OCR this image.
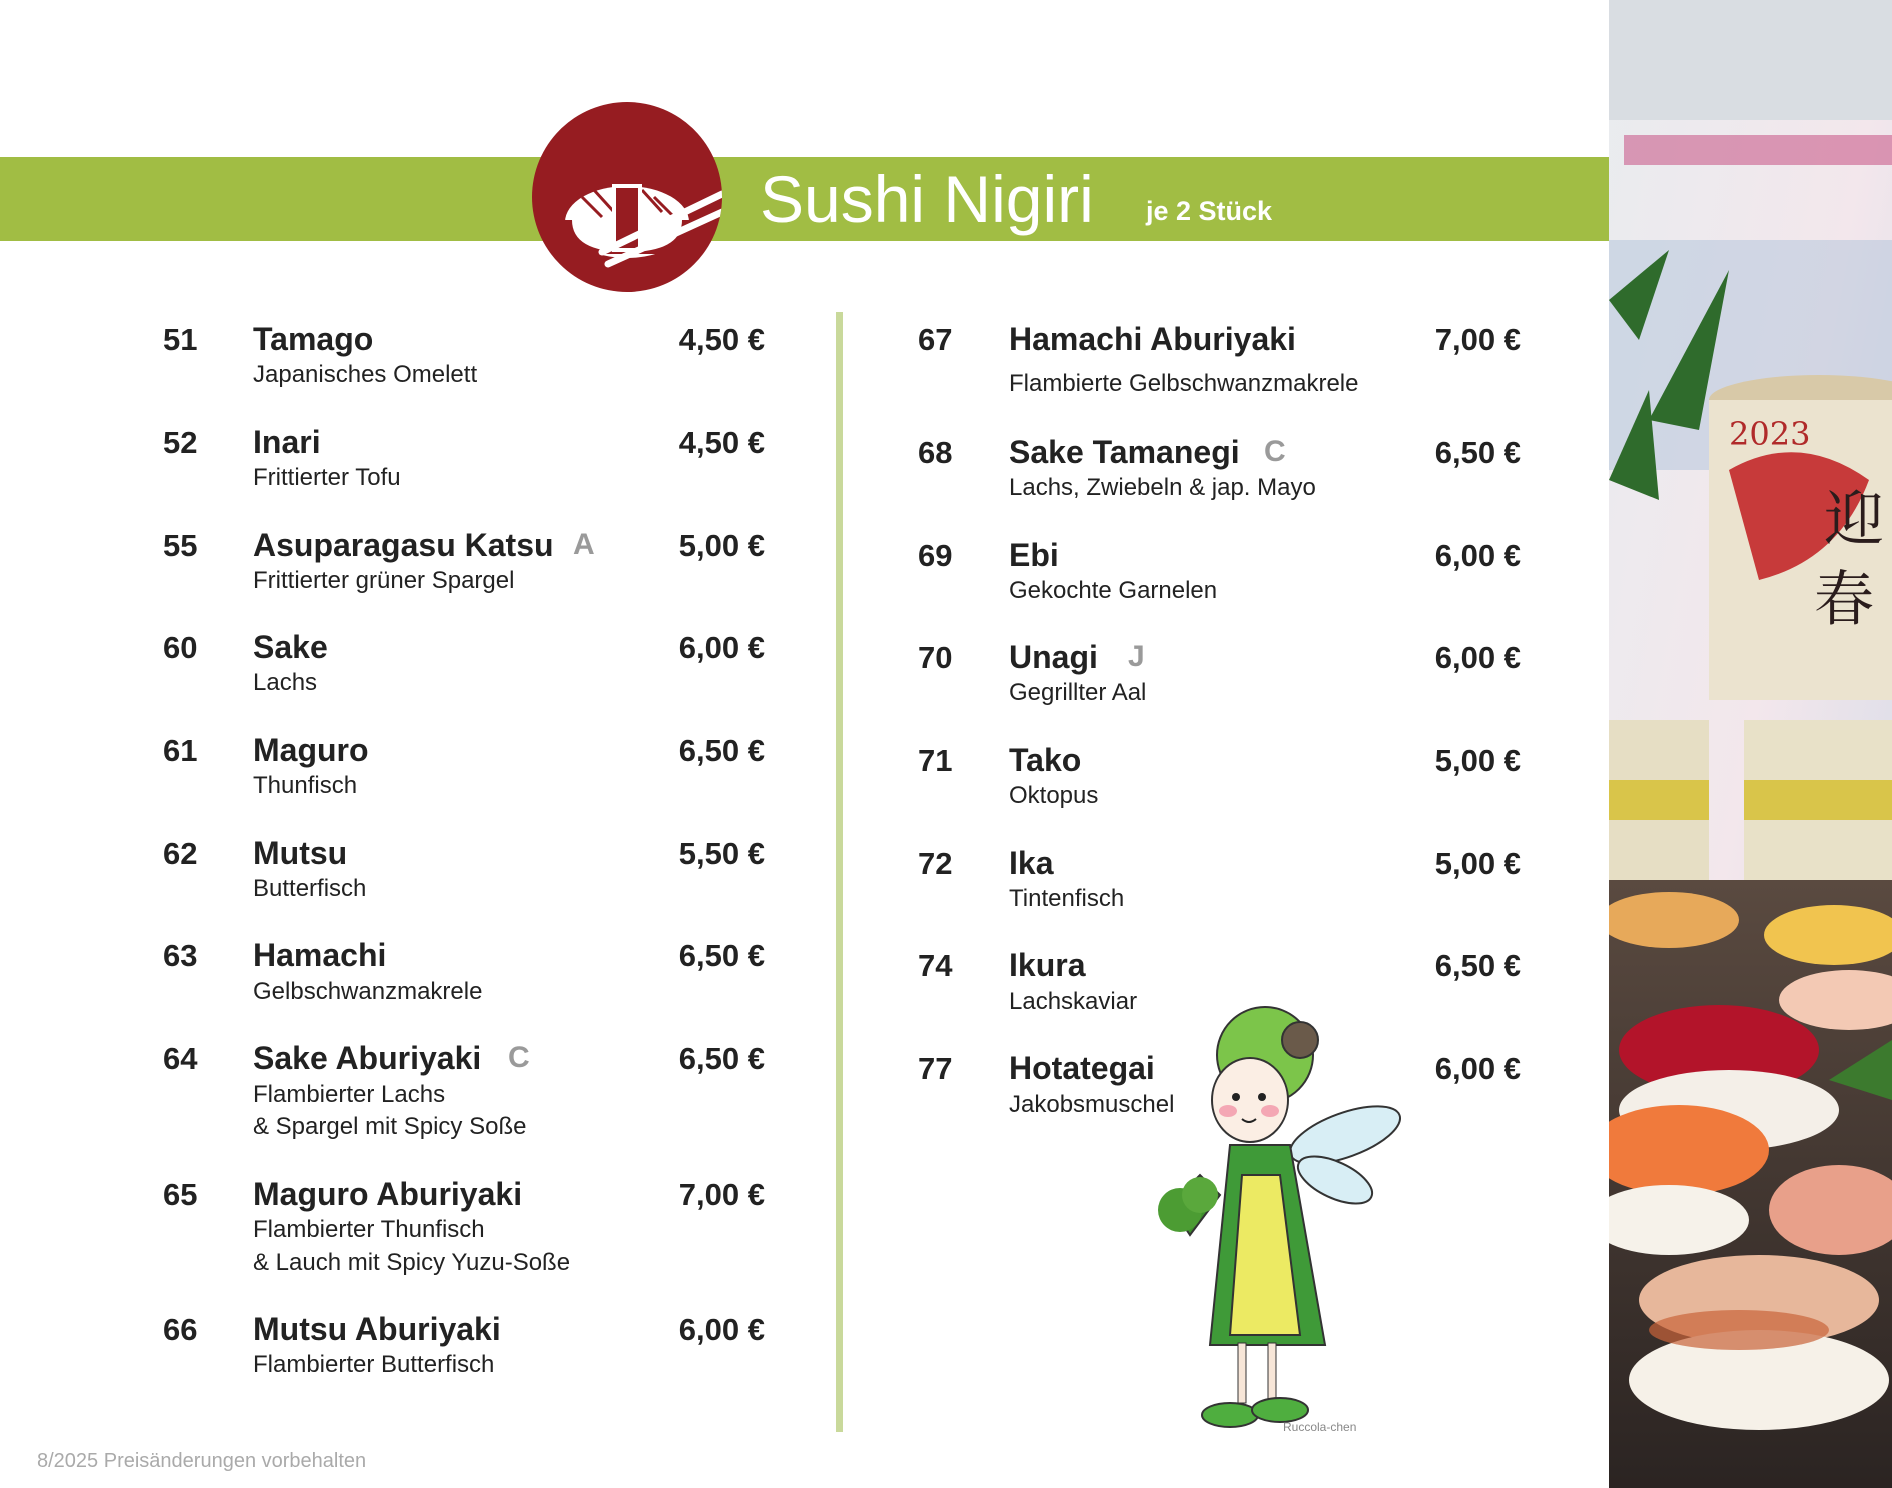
Sushi Nigiri je 2 Stück
2023
迎
春
51 Tamago	4,50 €
Japanisches Omelett
52 Inari	4,50 €
Frittierter Tofu
55 Asuparagasu Katsu A	5,00 €
Frittierter grüner Spargel
60 Sake	6,00 €
Lachs
61 Maguro	6,50 €
Thunfisch
62 Mutsu	5,50 €
Butterfisch
63 Hamachi	6,50 €
Gelbschwanzmakrele
64 Sake Aburiyaki C	6,50 €
Flambierter Lachs
& Spargel mit Spicy Soße
65 Maguro Aburiyaki	7,00 €
Flambierter Thunfisch
& Lauch mit Spicy Yuzu-Soße
66 Mutsu Aburiyaki	6,00 €
Flambierter Butterfisch
67 Hamachi Aburiyaki	7,00 €
Flambierte Gelbschwanzmakrele
68 Sake Tamanegi C	6,50 €
Lachs, Zwiebeln & jap. Mayo
69 Ebi	6,00 €
Gekochte Garnelen
70 Unagi J	6,00 €
Gegrillter Aal
71 Tako	5,00 €
Oktopus
72 Ika	5,00 €
Tintenfisch
74 Ikura	6,50 €
Lachskaviar
77 Hotategai	6,00 €
Jakobsmuschel
Ruccola-chen
8/2025 Preisänderungen vorbehalten
